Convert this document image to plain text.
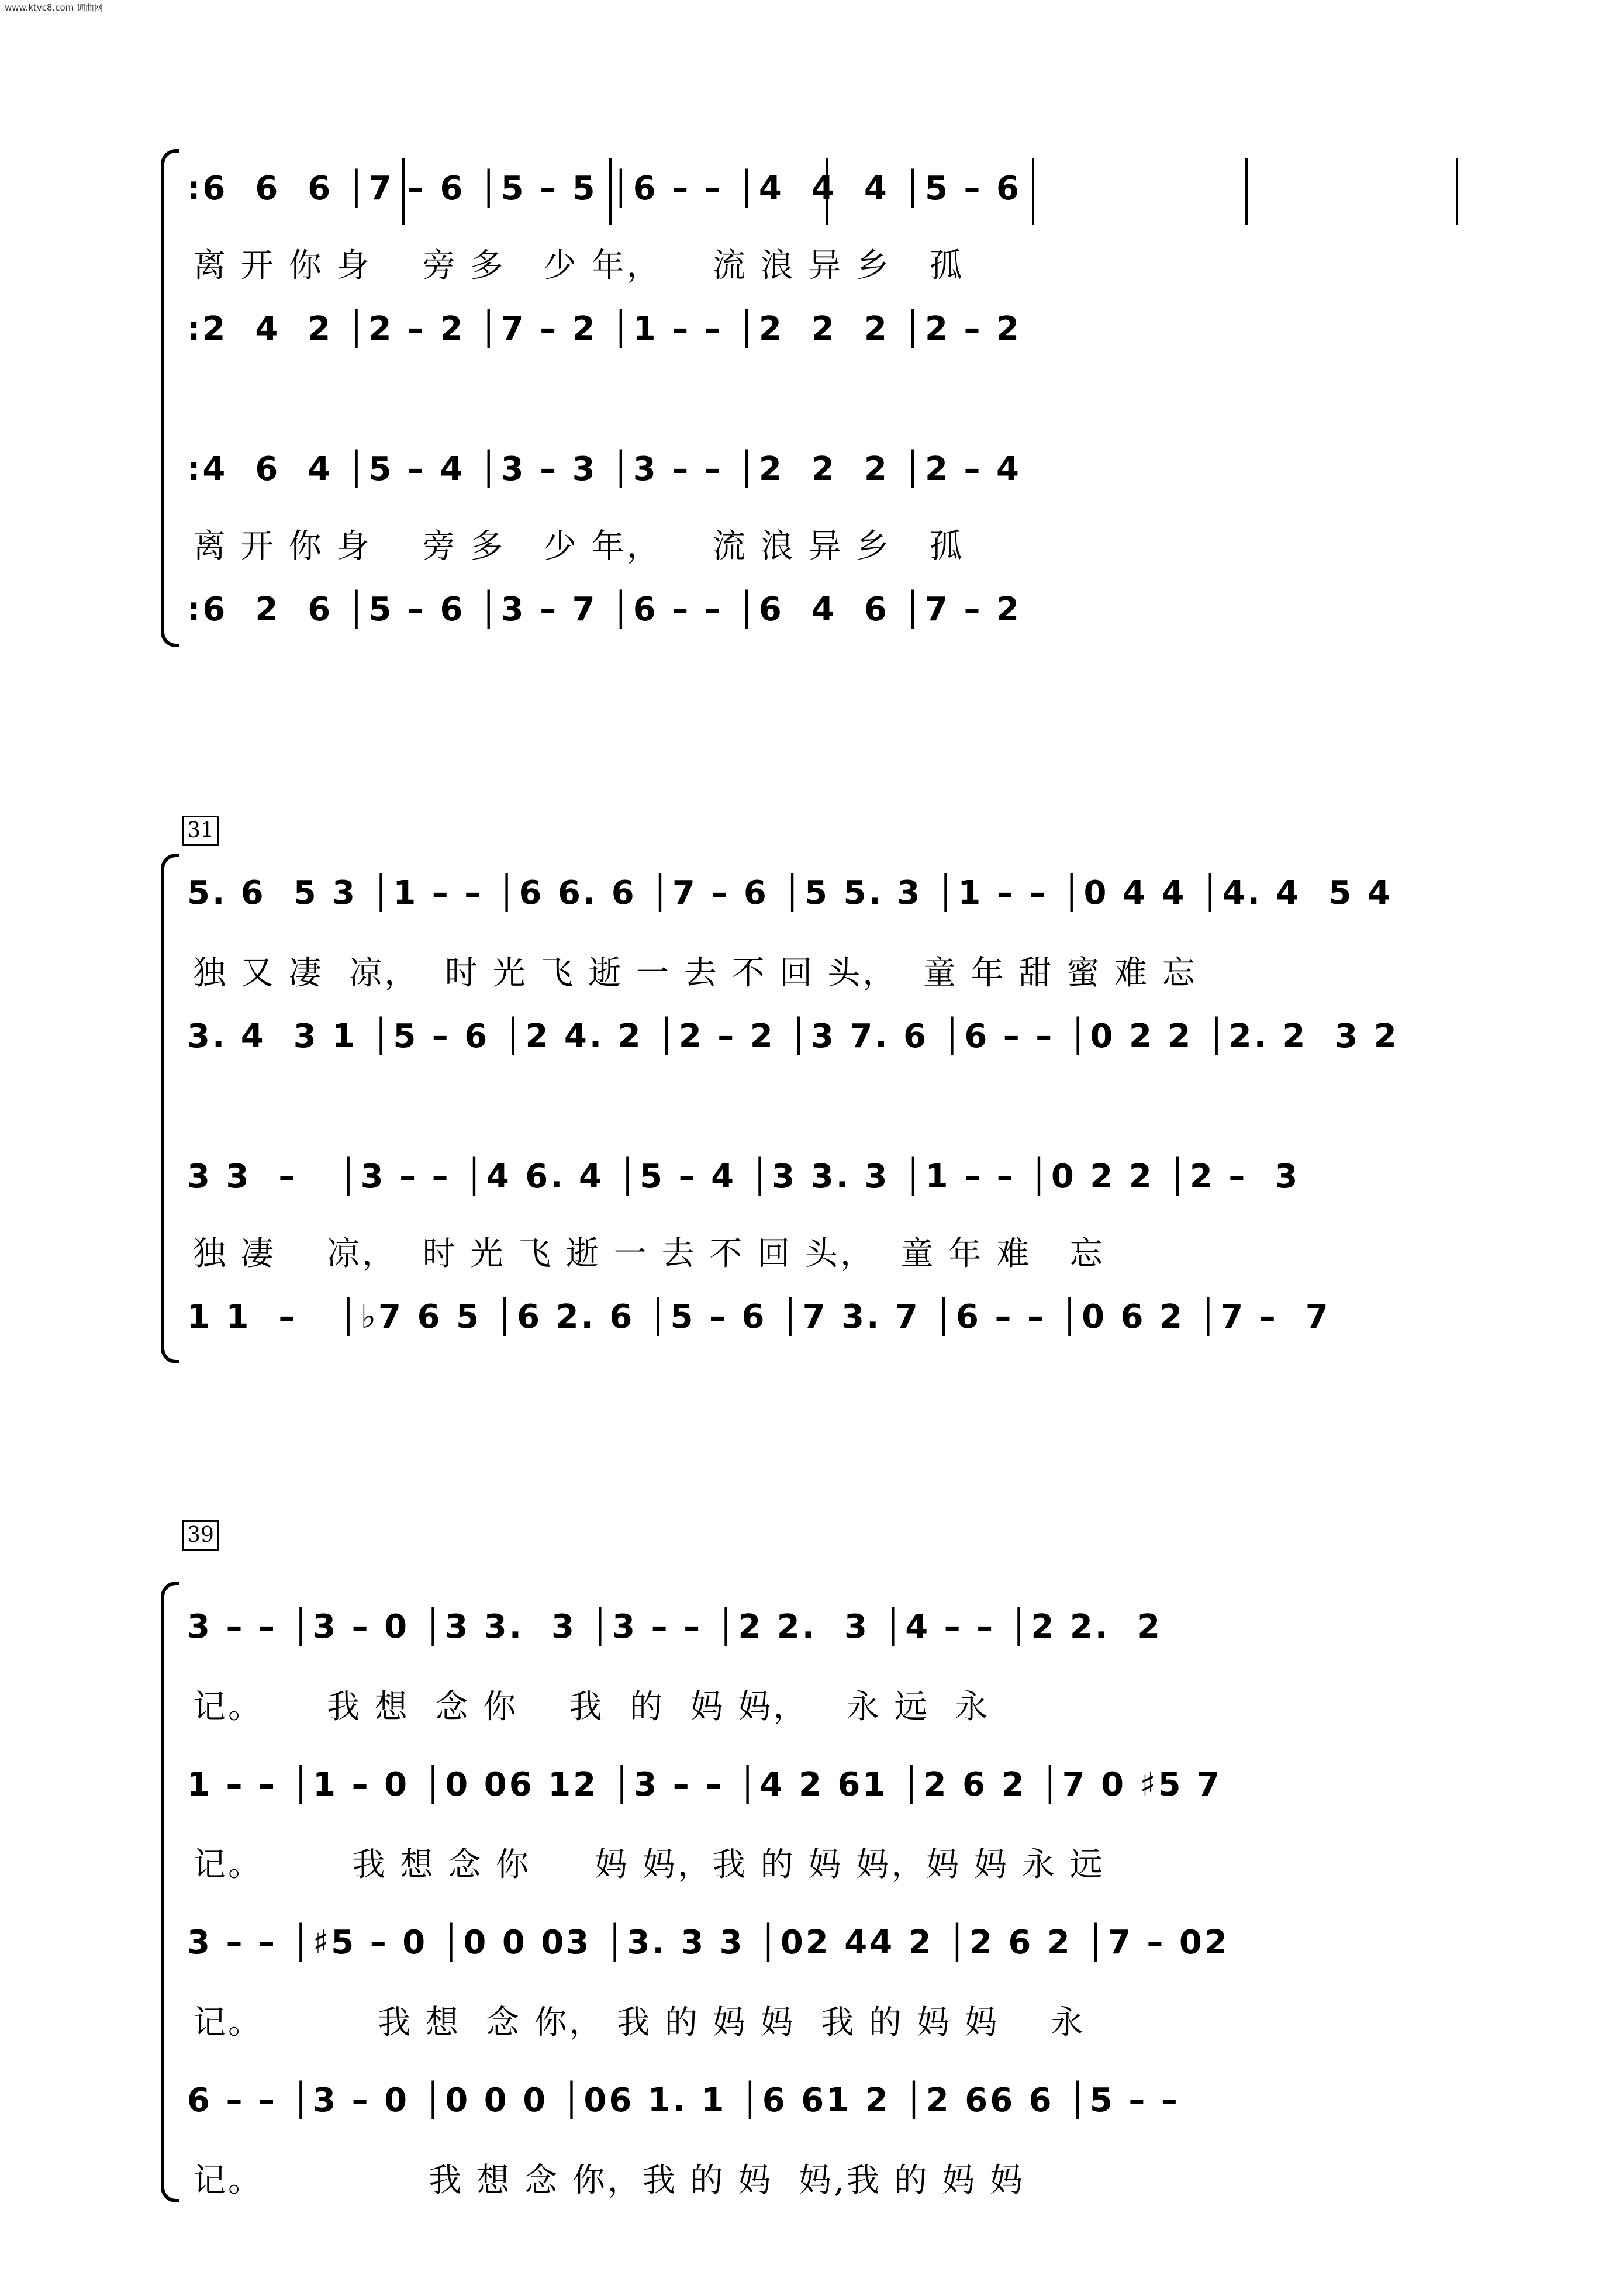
www.ktvc8.com 词曲网
:6  6  6 │7 – 6 │5 – 5 │6 – – │4  4  4 │5 – 6
离 开 你 身    旁 多   少 年，    流 浪 异 乡   孤
:2  4  2 │2 – 2 │7 – 2 │1 – – │2  2  2 │2 – 2
:4  6  4 │5 – 4 │3 – 3 │3 – – │2  2  2 │2 – 4
离 开 你 身    旁 多   少 年，    流 浪 异 乡   孤
:6  2  6 │5 – 6 │3 – 7 │6 – – │6  4  6 │7 – 2
31
5. 6  5 3 │1 – – │6 6. 6 │7 – 6 │5 5. 3 │1 – – │0 4 4 │4. 4  5 4
独 又 凄  凉，  时 光 飞 逝 一 去 不 回 头，  童 年 甜 蜜 难 忘
3. 4  3 1 │5 – 6 │2 4. 2 │2 – 2 │3 7. 6 │6 – – │0 2 2 │2. 2  3 2
3 3  –   │3 – – │4 6. 4 │5 – 4 │3 3. 3 │1 – – │0 2 2 │2 –  3
独 凄    凉，  时 光 飞 逝 一 去 不 回 头，  童 年 难   忘
1 1  –   │♭7 6 5 │6 2. 6 │5 – 6 │7 3. 7 │6 – – │0 6 2 │7 –  7
39
3 – – │3 – 0 │3 3.  3 │3 – – │2 2.  3 │4 – – │2 2.  2
记。     我 想  念 你    我  的  妈 妈，   永 远  永
1 – – │1 – 0 │0 06 12 │3 – – │4 2 61 │2 6 2 │7 0 ♯5 7
记。       我 想 念 你     妈 妈，我 的 妈 妈，妈 妈 永 远
3 – – │♯5 – 0 │0 0 03 │3. 3 3 │02 44 2 │2 6 2 │7 – 02
记。         我 想  念 你， 我 的 妈 妈  我 的 妈 妈    永
6 – – │3 – 0 │0 0 0 │06 1. 1 │6 61 2 │2 66 6 │5 – –
记。             我 想 念 你，我 的 妈  妈,我 的 妈 妈
